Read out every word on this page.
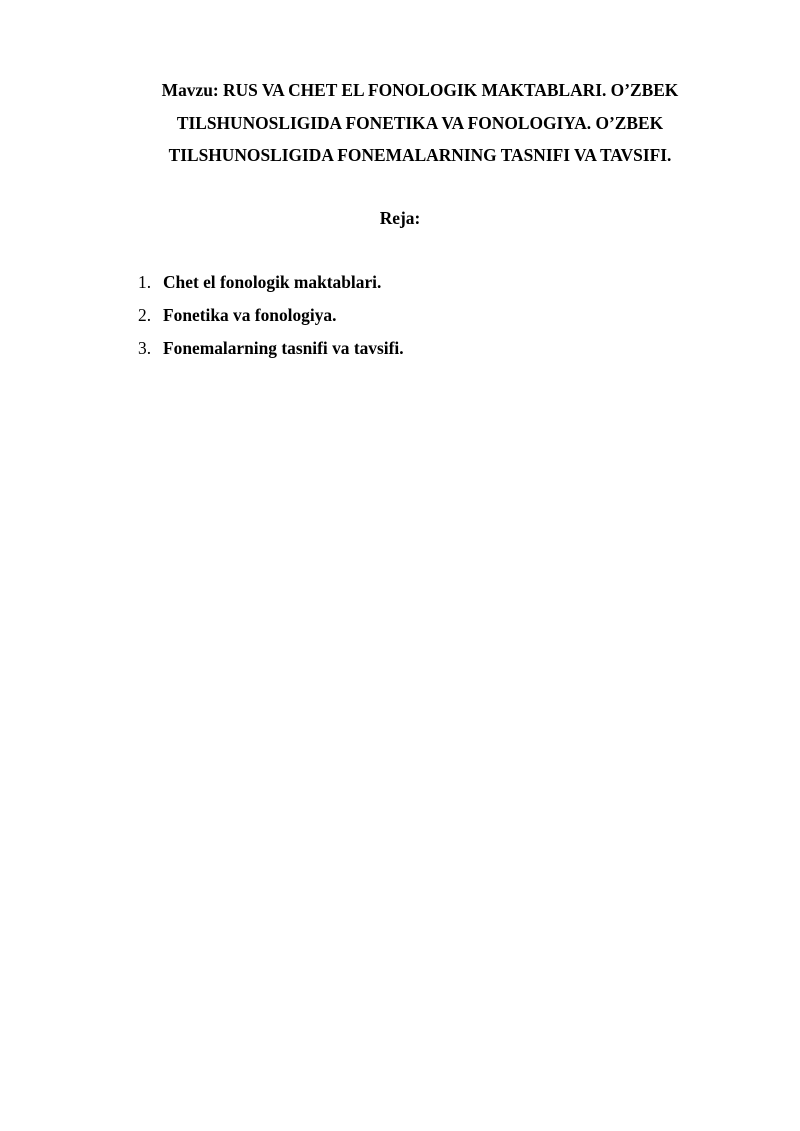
Mavzu: RUS VA CHET EL FONOLOGIK MAKTABLARI. O’ZBEK
TILSHUNOSLIGIDA FONETIKA VA FONOLOGIYA. O’ZBEK
TILSHUNOSLIGIDA FONEMALARNING TASNIFI VA TAVSIFI.
Reja:
1. Chet el fonologik maktablari.
2. Fonetika va fonologiya.
3. Fonemalarning tasnifi va tavsifi.
